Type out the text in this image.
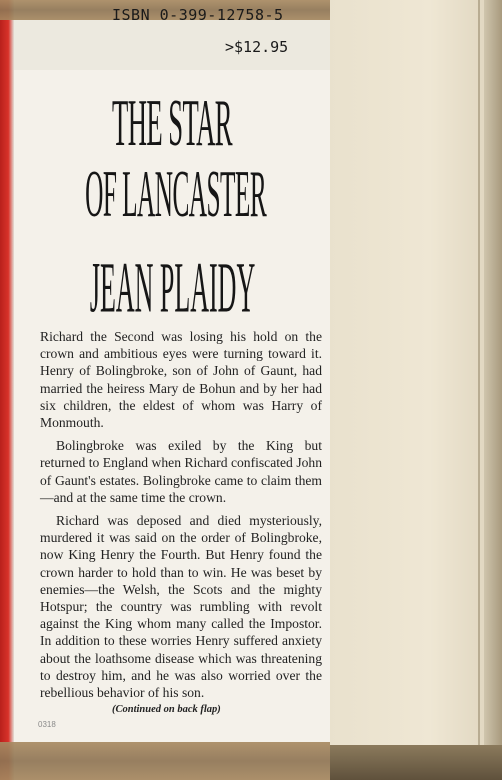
ISBN 0-399-12758-5
>$12.95
THE STAR
OF LANCASTER
JEAN PLAIDY

Richard the Second was losing his hold on the crown and ambitious eyes were turning toward it. Henry of Bolingbroke, son of John of Gaunt, had married the heiress Mary de Bohun and by her had six children, the eldest of whom was Harry of Monmouth.

Bolingbroke was exiled by the King but returned to England when Richard confiscated John of Gaunt's estates. Bolingbroke came to claim them—and at the same time the crown.

Richard was deposed and died mysteriously, murdered it was said on the order of Bolingbroke, now King Henry the Fourth. But Henry found the crown harder to hold than to win. He was beset by enemies—the Welsh, the Scots and the mighty Hotspur; the country was rumbling with revolt against the King whom many called the Impostor. In addition to these worries Henry suffered anxiety about the loathsome disease which was threatening to destroy him, and he was also worried over the rebellious behavior of his son.

(Continued on back flap)
0318
